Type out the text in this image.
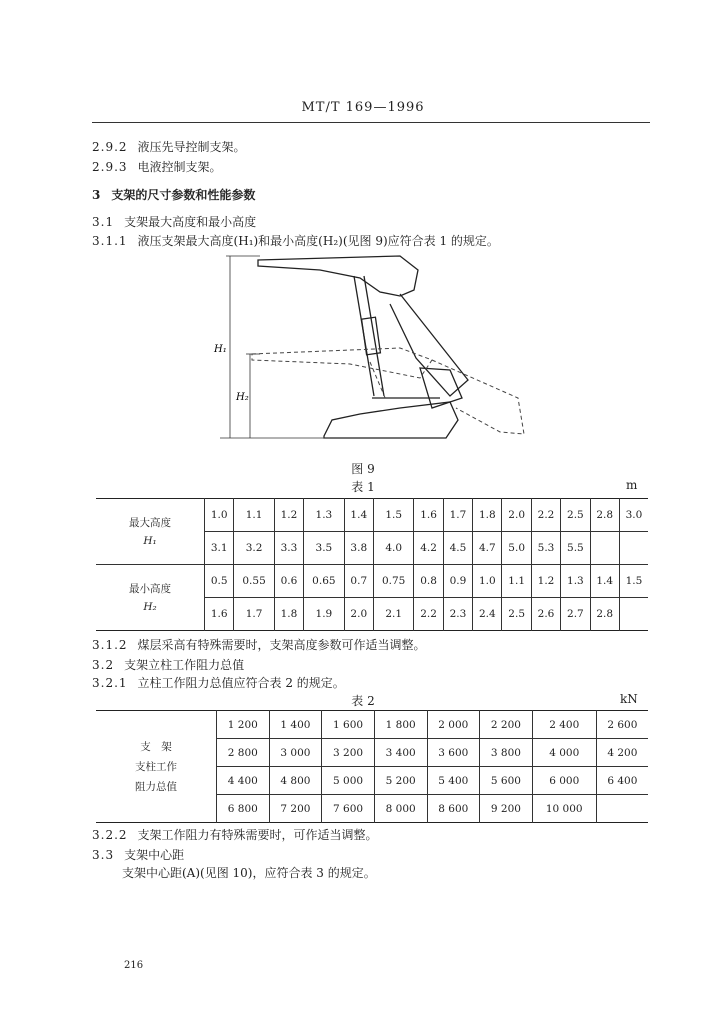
MT/T 169—1996
2.9.2 液压先导控制支架。
2.9.3 电液控制支架。
3 支架的尺寸参数和性能参数
3.1 支架最大高度和最小高度
3.1.1 液压支架最大高度(H₁)和最小高度(H₂)(见图 9)应符合表 1 的规定。
H₁
H₂
图 9
表 1	m
最大高度
H₁	1.0	1.1	1.2	1.3	1.4	1.5	1.6	1.7	1.8	2.0	2.2	2.5	2.8	3.0
	3.1	3.2	3.3	3.5	3.8	4.0	4.2	4.5	4.7	5.0	5.3	5.5		
最小高度
H₂	0.5	0.55	0.6	0.65	0.7	0.75	0.8	0.9	1.0	1.1	1.2	1.3	1.4	1.5
	1.6	1.7	1.8	1.9	2.0	2.1	2.2	2.3	2.4	2.5	2.6	2.7	2.8	
3.1.2 煤层采高有特殊需要时，支架高度参数可作适当调整。
3.2 支架立柱工作阻力总值
3.2.1 立柱工作阻力总值应符合表 2 的规定。
表 2	kN
支　架
支柱工作
阻力总值	1 200	1 400	1 600	1 800	2 000	2 200	2 400	2 600
	2 800	3 000	3 200	3 400	3 600	3 800	4 000	4 200
	4 400	4 800	5 000	5 200	5 400	5 600	6 000	6 400
	6 800	7 200	7 600	8 000	8 600	9 200	10 000	
3.2.2 支架工作阻力有特殊需要时，可作适当调整。
3.3 支架中心距
支架中心距(A)(见图 10)，应符合表 3 的规定。
216
